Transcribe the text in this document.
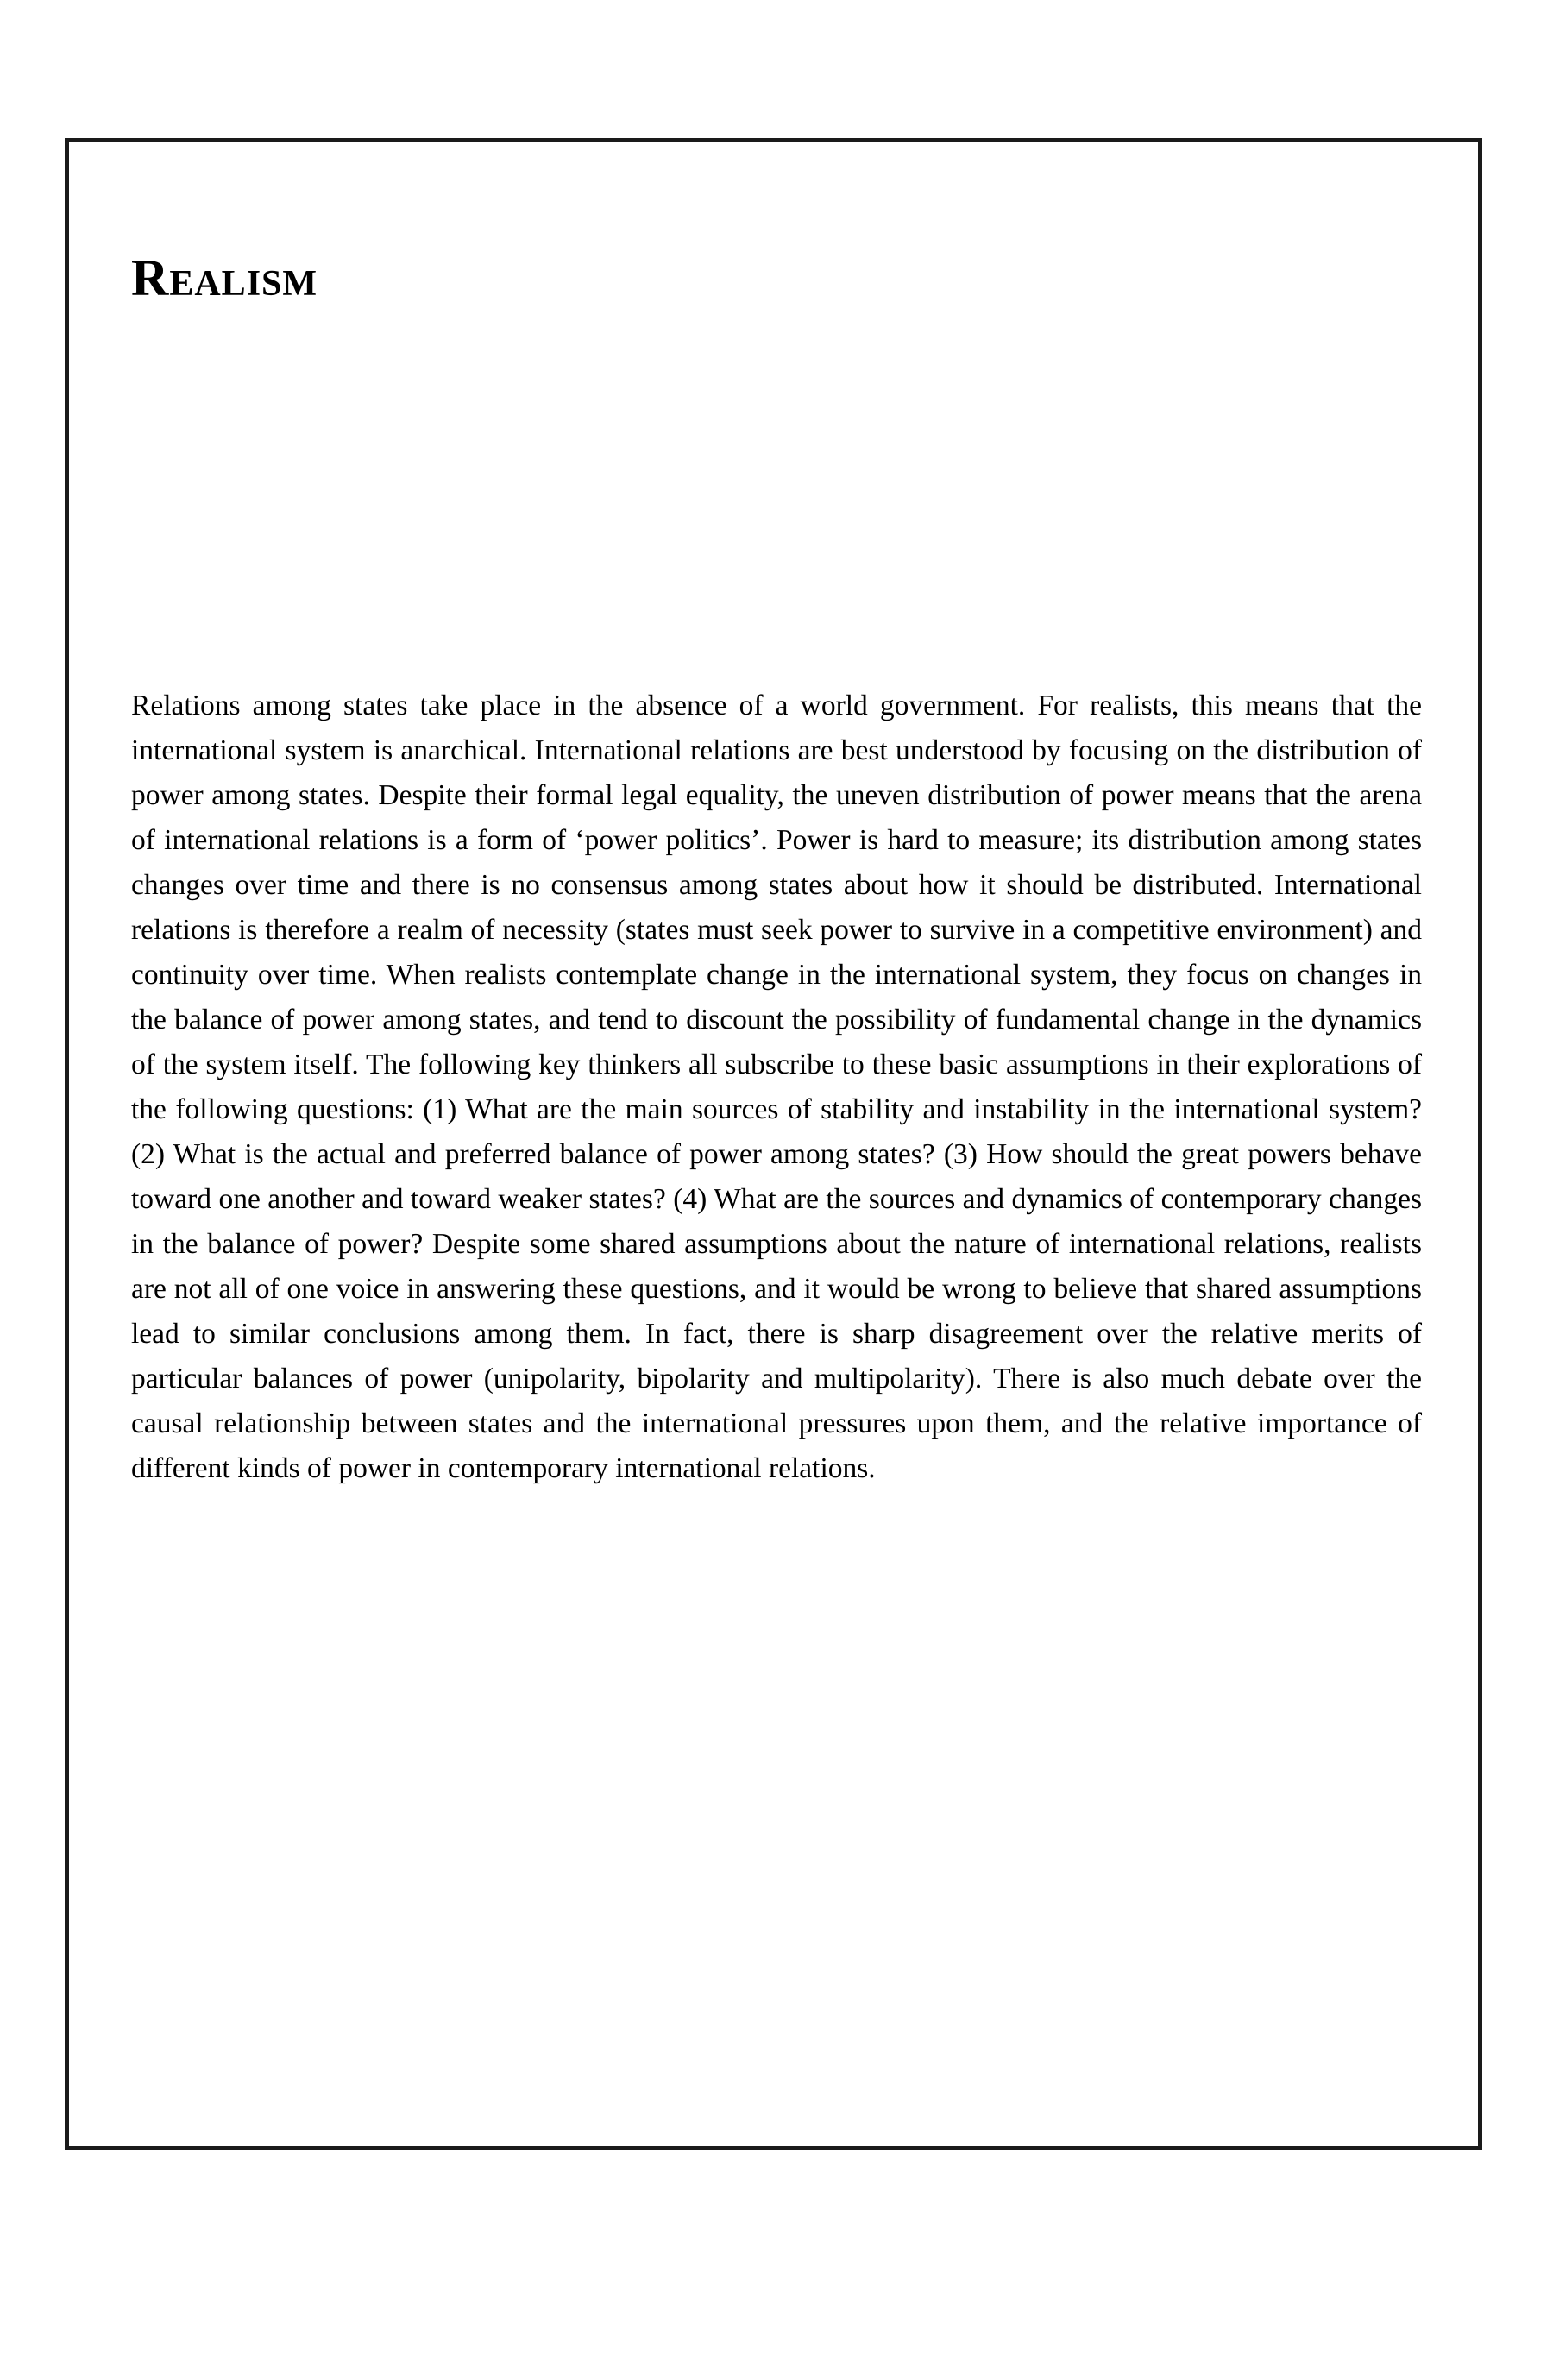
Realism

Relations among states take place in the absence of a world government. For realists, this means that the international system is anarchical. International relations are best understood by focusing on the distribution of power among states. Despite their formal legal equality, the uneven distribution of power means that the arena of international relations is a form of ‘power politics’. Power is hard to measure; its distribution among states changes over time and there is no consensus among states about how it should be distributed. International relations is therefore a realm of necessity (states must seek power to survive in a competitive environment) and continuity over time. When realists contemplate change in the international system, they focus on changes in the balance of power among states, and tend to discount the possibility of fundamental change in the dynamics of the system itself. The following key thinkers all subscribe to these basic assumptions in their explorations of the following questions: (1) What are the main sources of stability and instability in the international system? (2) What is the actual and preferred balance of power among states? (3) How should the great powers behave toward one another and toward weaker states? (4) What are the sources and dynamics of contemporary changes in the balance of power? Despite some shared assumptions about the nature of international relations, realists are not all of one voice in answering these questions, and it would be wrong to believe that shared assumptions lead to similar conclusions among them. In fact, there is sharp disagreement over the relative merits of particular balances of power (unipolarity, bipolarity and multipolarity). There is also much debate over the causal relationship between states and the international pressures upon them, and the relative importance of different kinds of power in contemporary international relations.
